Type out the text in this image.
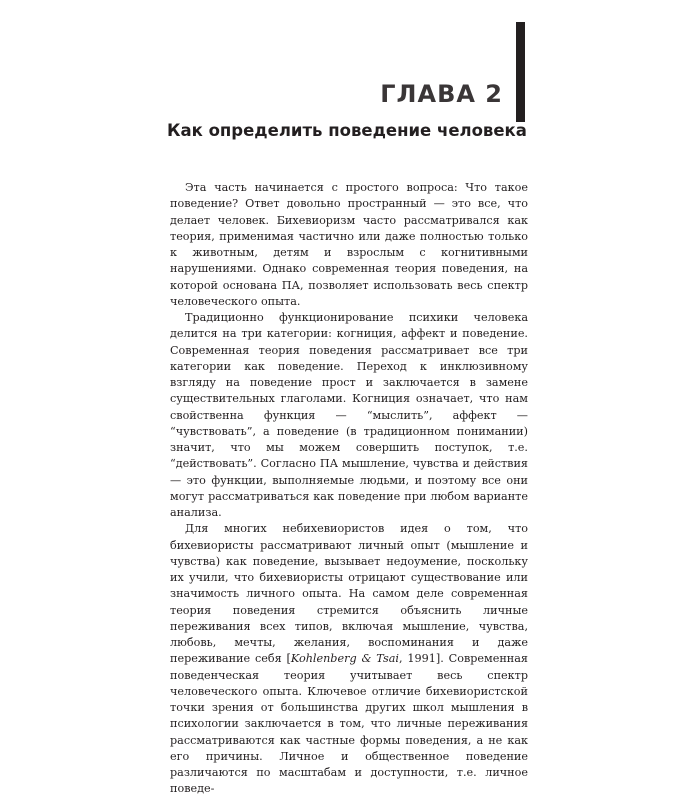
ГЛАВА 2
Как определить поведение человека

Эта часть начинается с простого вопроса: Что такое поведение? Ответ довольно пространный — это все, что делает человек. Бихевиоризм часто рассматривался как теория, применимая частично или даже полностью только к животным, детям и взрослым с когнитивными нарушениями. Однако современная теория поведения, на которой основана ПА, позволяет использовать весь спектр человеческого опыта.

Традиционно функционирование психики человека делится на три категории: когниция, аффект и поведение. Современная теория поведения рассматривает все три категории как поведение. Переход к инклюзивному взгляду на поведение прост и заключается в замене существительных глаголами. Когниция означает, что нам свойственна функция — “мыслить”, аффект — “чувствовать”, а поведение (в традиционном понимании) значит, что мы можем совершить поступок, т.е. “действовать”. Согласно ПА мышление, чувства и действия — это функции, выполняемые людьми, и поэтому все они могут рассматриваться как поведение при любом варианте анализа.

Для многих небихевиористов идея о том, что бихевиористы рассматривают личный опыт (мышление и чувства) как поведение, вызывает недоумение, поскольку их учили, что бихевиористы отрицают существование или значимость личного опыта. На самом деле современная теория поведения стремится объяснить личные переживания всех типов, включая мышление, чувства, любовь, мечты, желания, воспоминания и даже переживание себя [Kohlenberg & Tsai, 1991]. Современная поведенческая теория учитывает весь спектр человеческого опыта. Ключевое отличие бихевиористской точки зрения от большинства других школ мышления в психологии заключается в том, что личные переживания рассматриваются как частные формы поведения, а не как его причины. Личное и общественное поведение различаются по масштабам и доступности, т.е. личное поведе-
